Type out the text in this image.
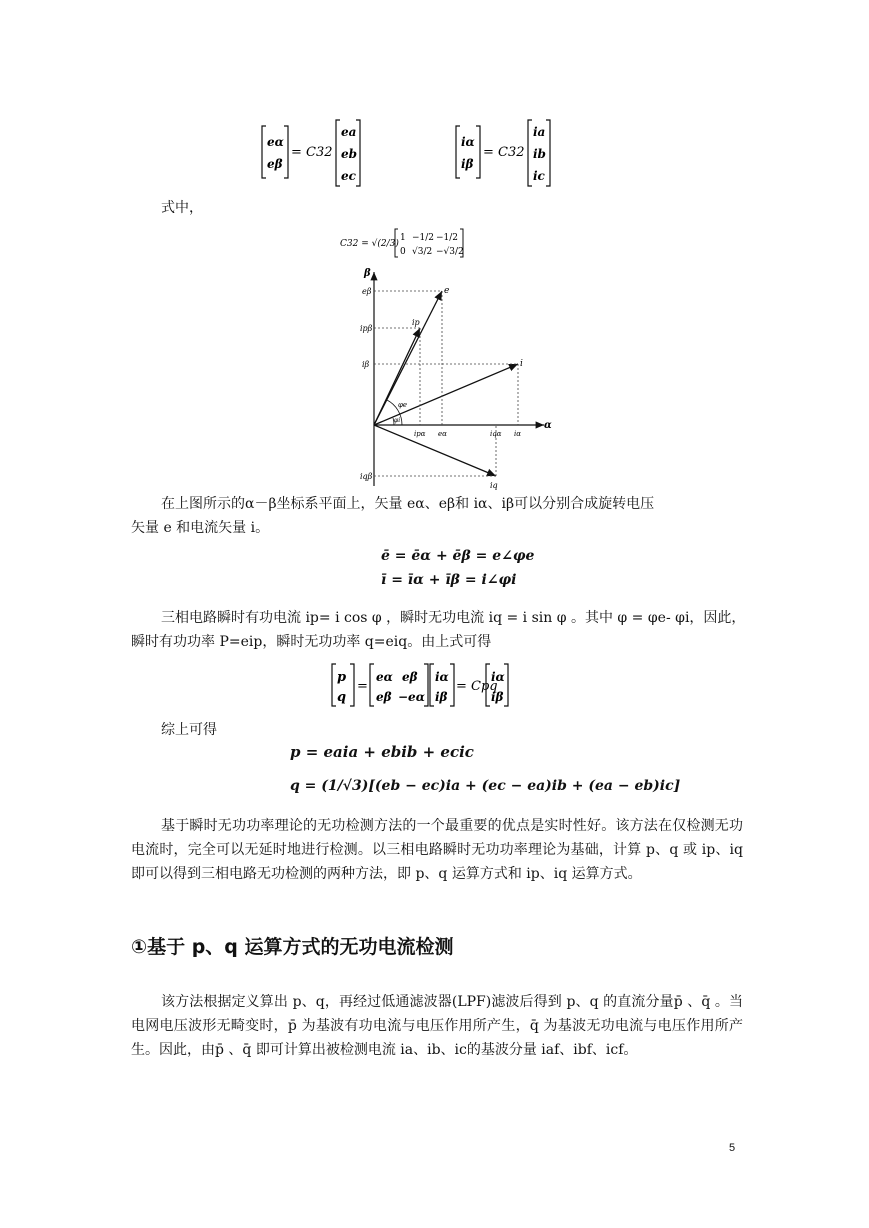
eα
eβ
= C32
ea
eb
ec
iα
iβ
= C32
ia
ib
ic
式中，
C32 = √(2/3)
1 −1/2 −1/2
0 √3/2 −√3/2
β
α
e
i
ip
iq
eβ
ipβ
iβ
iqβ
ipα eα	iqα iα
φe
φi
在上图所示的α－β坐标系平面上，矢量 eα、eβ和 iα、iβ可以分别合成旋转电压
矢量 e 和电流矢量 i。
ē = ēα + ēβ = e∠φe
ī = īα + īβ = i∠φi
三相电路瞬时有功电流 ip= i cos φ ，瞬时无功电流 iq = i sin φ 。其中 φ = φe- φi，因此，
瞬时有功功率 P=eip，瞬时无功功率 q=eiq。由上式可得
p
q
=
eα eβ
eβ −eα
iα
iβ
= Cpq
iα
iβ
综上可得
p = eaia + ebib + ecic
q = (1/√3)[(eb − ec)ia + (ec − ea)ib + (ea − eb)ic]
基于瞬时无功功率理论的无功检测方法的一个最重要的优点是实时性好。该方法在仅检测无功电流时，完全可以无延时地进行检测。以三相电路瞬时无功功率理论为基础，计算 p、q 或 ip、iq 即可以得到三相电路无功检测的两种方法，即 p、q 运算方式和 ip、iq 运算方式。
①基于 p、q 运算方式的无功电流检测
该方法根据定义算出 p、q，再经过低通滤波器(LPF)滤波后得到 p、q 的直流分量p̄ 、q̄ 。当电网电压波形无畸变时，p̄ 为基波有功电流与电压作用所产生，q̄ 为基波无功电流与电压作用所产生。因此，由p̄ 、q̄ 即可计算出被检测电流 ia、ib、ic的基波分量 iaf、ibf、icf。
5
